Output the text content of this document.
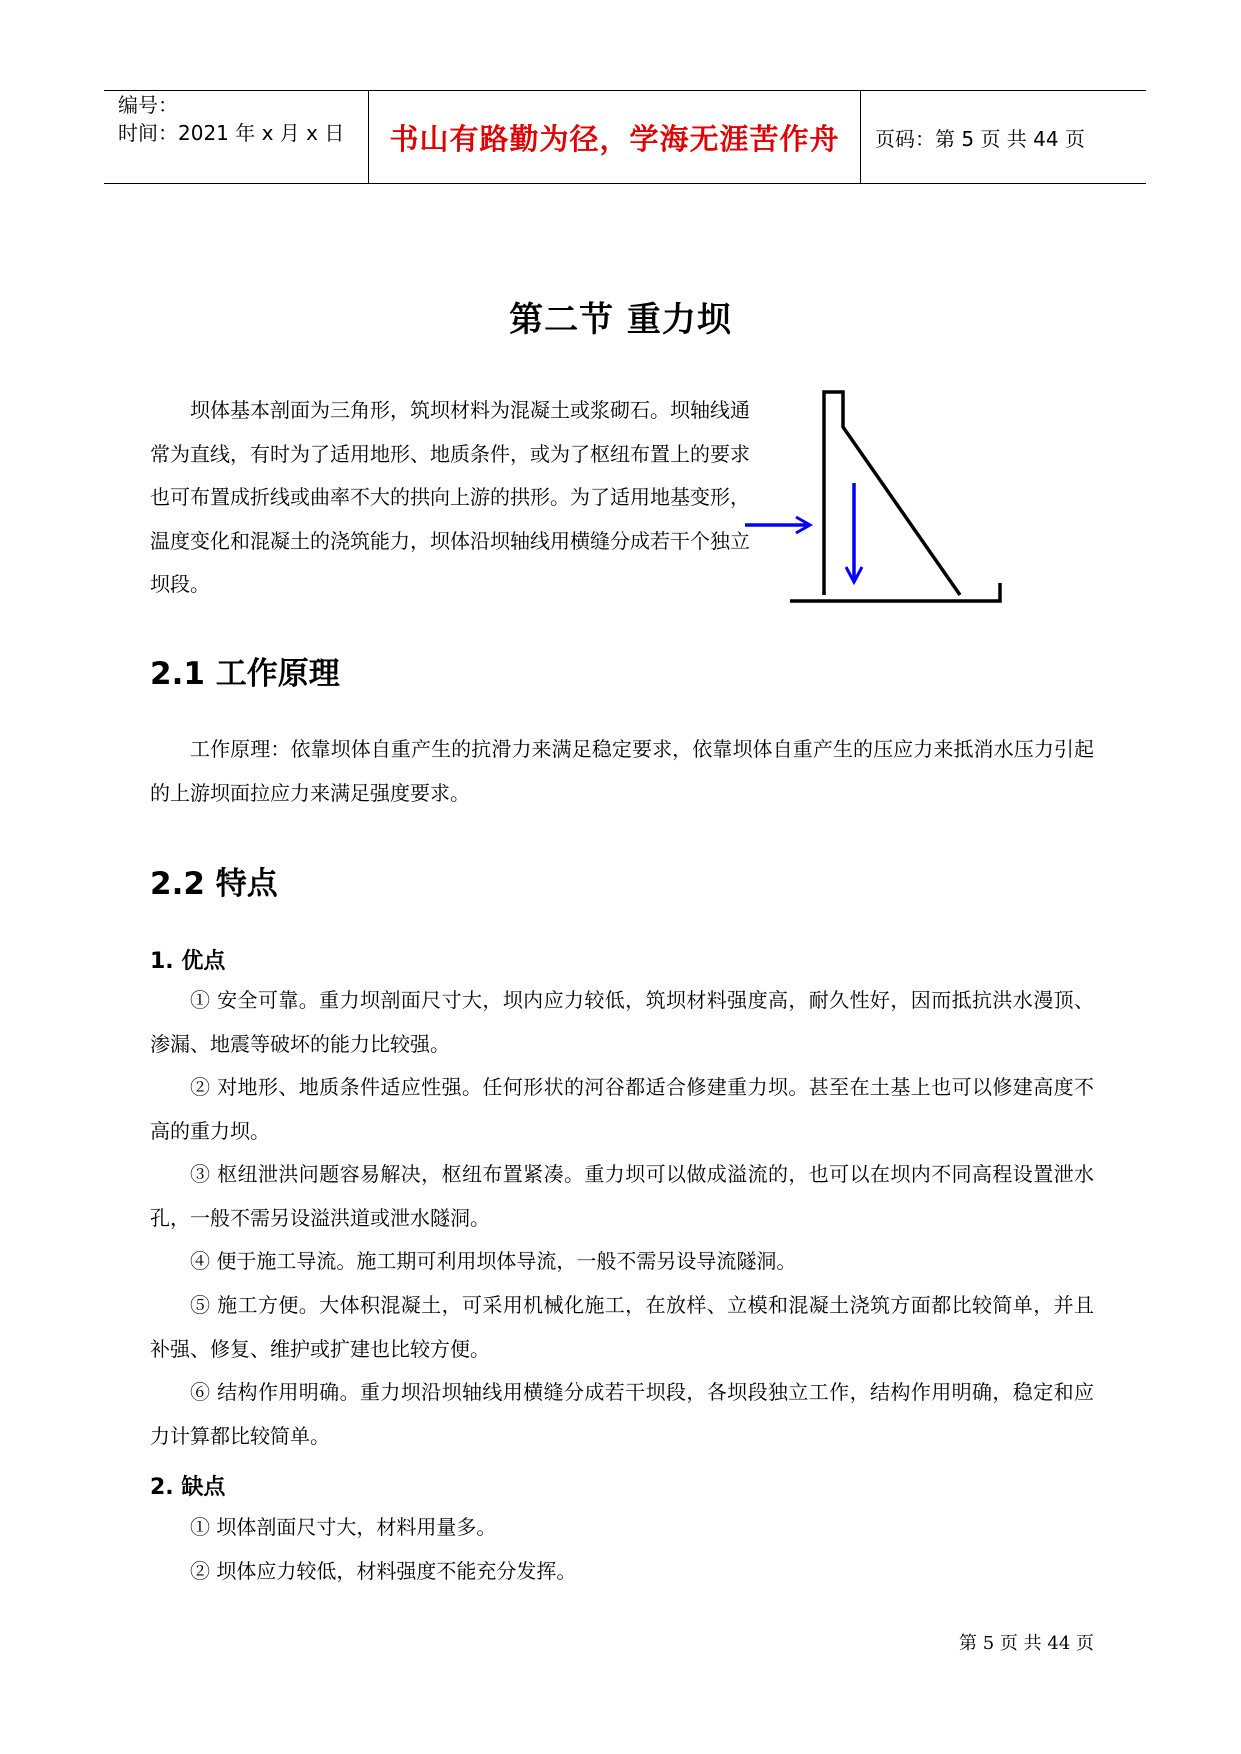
编号：
时间：2021 年 x 月 x 日 书山有路勤为径，学海无涯苦作舟 页码：第 5 页 共 44 页
第二节 重力坝
坝体基本剖面为三角形，筑坝材料为混凝土或浆砌石。坝轴线通常为直线，有时为了适用地形、地质条件，或为了枢纽布置上的要求也可布置成折线或曲率不大的拱向上游的拱形。为了适用地基变形，温度变化和混凝土的浇筑能力，坝体沿坝轴线用横缝分成若干个独立坝段。
2.1 工作原理
工作原理：依靠坝体自重产生的抗滑力来满足稳定要求，依靠坝体自重产生的压应力来抵消水压力引起的上游坝面拉应力来满足强度要求。
2.2 特点
1. 优点
① 安全可靠。重力坝剖面尺寸大，坝内应力较低，筑坝材料强度高，耐久性好，因而抵抗洪水漫顶、渗漏、地震等破坏的能力比较强。
② 对地形、地质条件适应性强。任何形状的河谷都适合修建重力坝。甚至在土基上也可以修建高度不高的重力坝。
③ 枢纽泄洪问题容易解决，枢纽布置紧凑。重力坝可以做成溢流的，也可以在坝内不同高程设置泄水孔，一般不需另设溢洪道或泄水隧洞。
④ 便于施工导流。施工期可利用坝体导流，一般不需另设导流隧洞。
⑤ 施工方便。大体积混凝土，可采用机械化施工，在放样、立模和混凝土浇筑方面都比较简单，并且补强、修复、维护或扩建也比较方便。
⑥ 结构作用明确。重力坝沿坝轴线用横缝分成若干坝段，各坝段独立工作，结构作用明确，稳定和应力计算都比较简单。
2. 缺点
① 坝体剖面尺寸大，材料用量多。
② 坝体应力较低，材料强度不能充分发挥。
第 5 页 共 44 页
